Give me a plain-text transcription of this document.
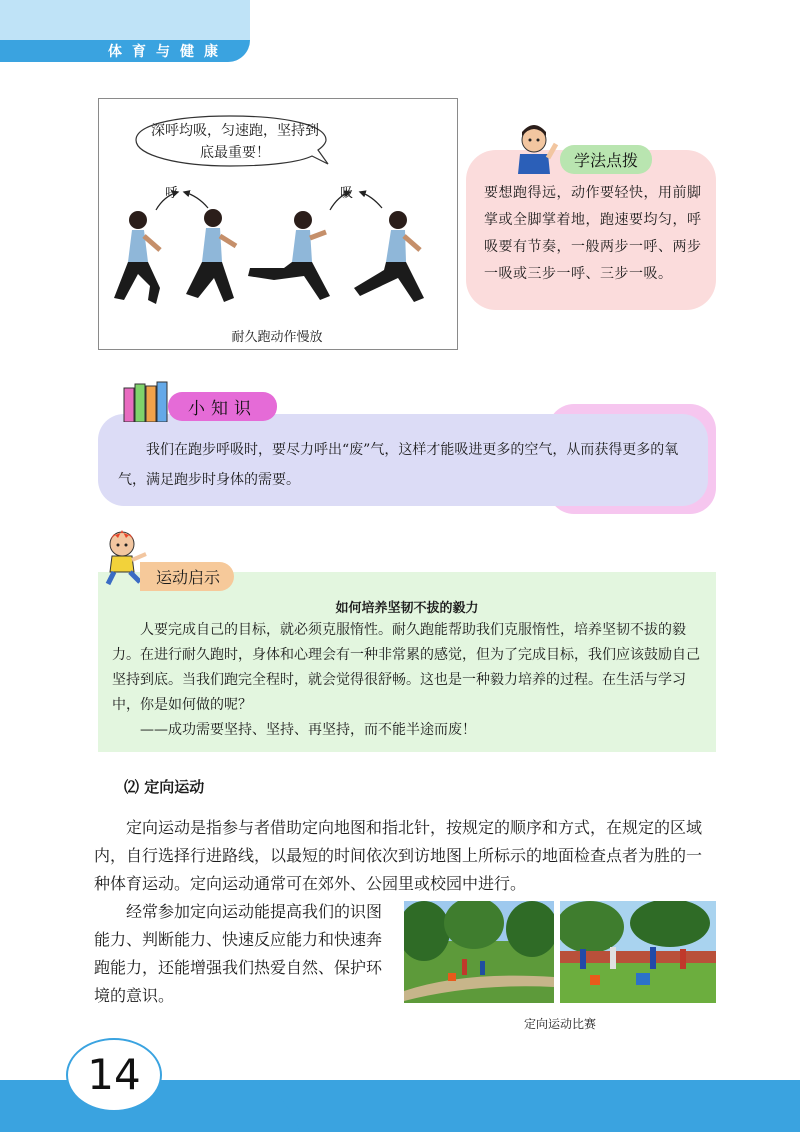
体育与健康
深呼均吸，匀速跑，坚持到底最重要！
呼	吸
耐久跑动作慢放
学法点拨
要想跑得远，动作要轻快，用前脚掌或全脚掌着地，跑速要均匀，呼吸要有节奏，一般两步一呼、两步一吸或三步一呼、三步一吸。
小知识
我们在跑步呼吸时，要尽力呼出“废”气，这样才能吸进更多的空气，从而获得更多的氧气，满足跑步时身体的需要。
运动启示
如何培养坚韧不拔的毅力

人要完成自己的目标，就必须克服惰性。耐久跑能帮助我们克服惰性，培养坚韧不拔的毅力。在进行耐久跑时，身体和心理会有一种非常累的感觉，但为了完成目标，我们应该鼓励自己坚持到底。当我们跑完全程时，就会觉得很舒畅。这也是一种毅力培养的过程。在生活与学习中，你是如何做的呢？

——成功需要坚持、坚持、再坚持，而不能半途而废！

⑵ 定向运动
定向运动是指参与者借助定向地图和指北针，按规定的顺序和方式，在规定的区域内，自行选择行进路线，以最短的时间依次到访地图上所标示的地面检查点者为胜的一种体育运动。定向运动通常可在郊外、公园里或校园中进行。
经常参加定向运动能提高我们的识图能力、判断能力、快速反应能力和快速奔跑能力，还能增强我们热爱自然、保护环境的意识。
定向运动比赛
14
